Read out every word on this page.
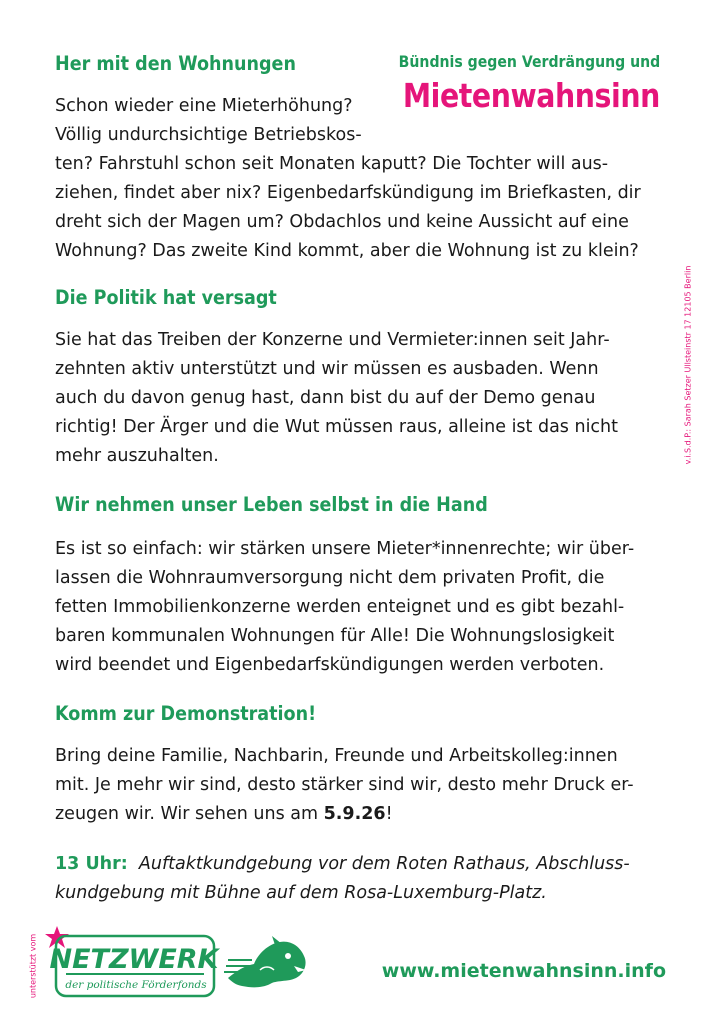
Bündnis gegen Verdrängung und
Mietenwahnsinn
v.i.S.d.P.: Sarah Setzer Ullsteinstr 17 12105 Berlin
Her mit den Wohnungen
Schon wieder eine Mieterhöhung?
Völlig undurchsichtige Betriebskos-
ten? Fahrstuhl schon seit Monaten kaputt? Die Tochter will aus-
ziehen, findet aber nix? Eigenbedarfskündigung im Briefkasten, dir
dreht sich der Magen um? Obdachlos und keine Aussicht auf eine
Wohnung? Das zweite Kind kommt, aber die Wohnung ist zu klein?
Die Politik hat versagt
Sie hat das Treiben der Konzerne und Vermieter:innen seit Jahr-
zehnten aktiv unterstützt und wir müssen es ausbaden. Wenn
auch du davon genug hast, dann bist du auf der Demo genau
richtig! Der Ärger und die Wut müssen raus, alleine ist das nicht
mehr auszuhalten.
Wir nehmen unser Leben selbst in die Hand
Es ist so einfach: wir stärken unsere Mieter*innenrechte; wir über-
lassen die Wohnraumversorgung nicht dem privaten Profit, die
fetten Immobilienkonzerne werden enteignet und es gibt bezahl-
baren kommunalen Wohnungen für Alle! Die Wohnungslosigkeit
wird beendet und Eigenbedarfskündigungen werden verboten.
Komm zur Demonstration!
Bring deine Familie, Nachbarin, Freunde und Arbeitskolleg:innen
mit. Je mehr wir sind, desto stärker sind wir, desto mehr Druck er-
zeugen wir. Wir sehen uns am 5.9.26!
13 Uhr: Auftaktkundgebung vor dem Roten Rathaus, Abschluss-
kundgebung mit Bühne auf dem Rosa-Luxemburg-Platz.
unterstützt vom NETZWERK
der politische Förderfonds
www.mietenwahnsinn.info
